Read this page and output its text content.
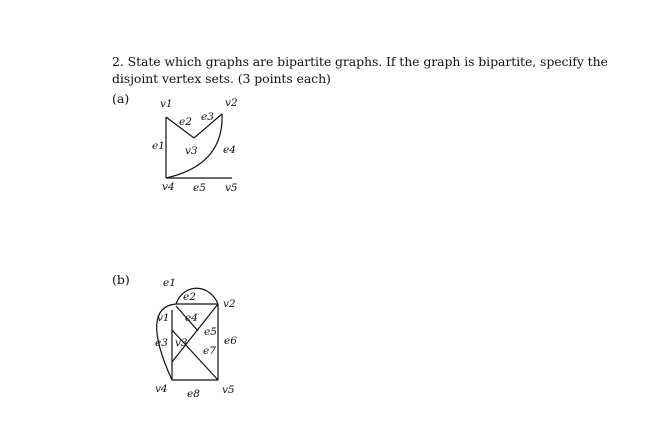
2. State which graphs are bipartite graphs. If the graph is bipartite, specify the
disjoint vertex sets. (3 points each)
(a)	v1	v2
v3
v4	v5
e1
e2 e3
e4
e5
(b)	e1
e2
v2
v1 e4
e5
e6
e3 v3
e7
v4 e8 v5
